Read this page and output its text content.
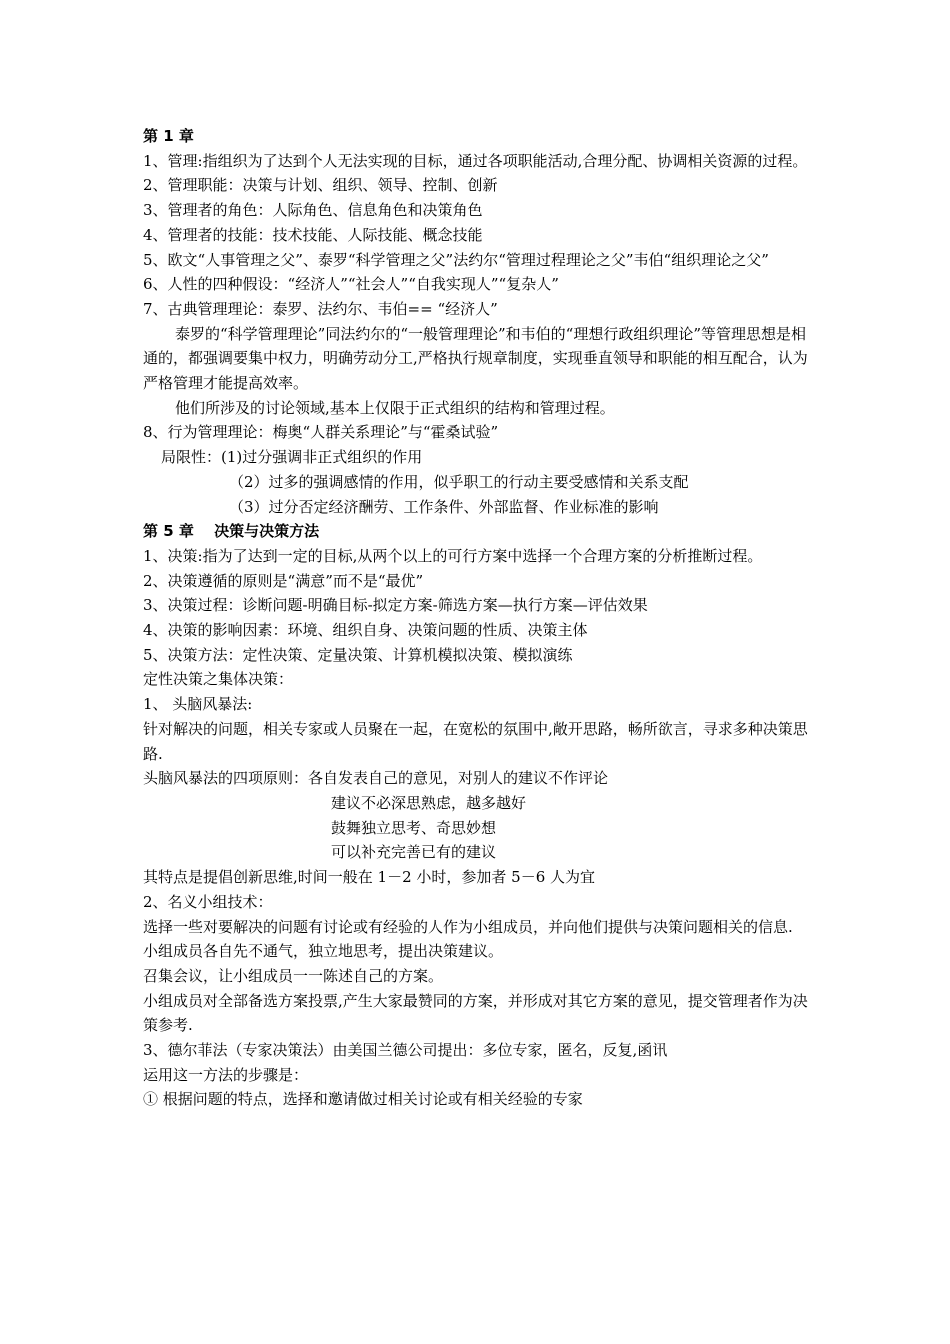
第 1 章
1、管理:指组织为了达到个人无法实现的目标，通过各项职能活动,合理分配、协调相关资源的过程。
2、管理职能：决策与计划、组织、领导、控制、创新
3、管理者的角色：人际角色、信息角色和决策角色
4、管理者的技能：技术技能、人际技能、概念技能
5、欧文“人事管理之父”、泰罗“科学管理之父”法约尔“管理过程理论之父”韦伯“组织理论之父”
6、人性的四种假设：“经济人”“社会人”“自我实现人”“复杂人”
7、古典管理理论：泰罗、法约尔、韦伯== “经济人”
泰罗的“科学管理理论”同法约尔的“一般管理理论”和韦伯的“理想行政组织理论”等管理思想是相通的，都强调要集中权力，明确劳动分工,严格执行规章制度，实现垂直领导和职能的相互配合，认为严格管理才能提高效率。
他们所涉及的讨论领域,基本上仅限于正式组织的结构和管理过程。
8、行为管理理论：梅奥“人群关系理论”与“霍桑试验”
局限性：(1)过分强调非正式组织的作用
（2）过多的强调感情的作用，似乎职工的行动主要受感情和关系支配
（3）过分否定经济酬劳、工作条件、外部监督、作业标准的影响
第 5 章　 决策与决策方法
1、决策:指为了达到一定的目标,从两个以上的可行方案中选择一个合理方案的分析推断过程。
2、决策遵循的原则是“满意”而不是“最优”
3、决策过程：诊断问题-明确目标-拟定方案-筛选方案—执行方案—评估效果
4、决策的影响因素：环境、组织自身、决策问题的性质、决策主体
5、决策方法：定性决策、定量决策、计算机模拟决策、模拟演练
定性决策之集体决策：
1、 头脑风暴法:
针对解决的问题，相关专家或人员聚在一起，在宽松的氛围中,敞开思路，畅所欲言，寻求多种决策思路.
头脑风暴法的四项原则：各自发表自己的意见，对别人的建议不作评论
建议不必深思熟虑，越多越好
鼓舞独立思考、奇思妙想
可以补充完善已有的建议
其特点是提倡创新思维,时间一般在 1－2 小时，参加者 5－6 人为宜
2、名义小组技术：
选择一些对要解决的问题有讨论或有经验的人作为小组成员，并向他们提供与决策问题相关的信息.
小组成员各自先不通气，独立地思考，提出决策建议。
召集会议，让小组成员一一陈述自己的方案。
小组成员对全部备选方案投票,产生大家最赞同的方案，并形成对其它方案的意见，提交管理者作为决策参考.
3、德尔菲法（专家决策法）由美国兰德公司提出：多位专家，匿名，反复,函讯
运用这一方法的步骤是：
① 根据问题的特点，选择和邀请做过相关讨论或有相关经验的专家
